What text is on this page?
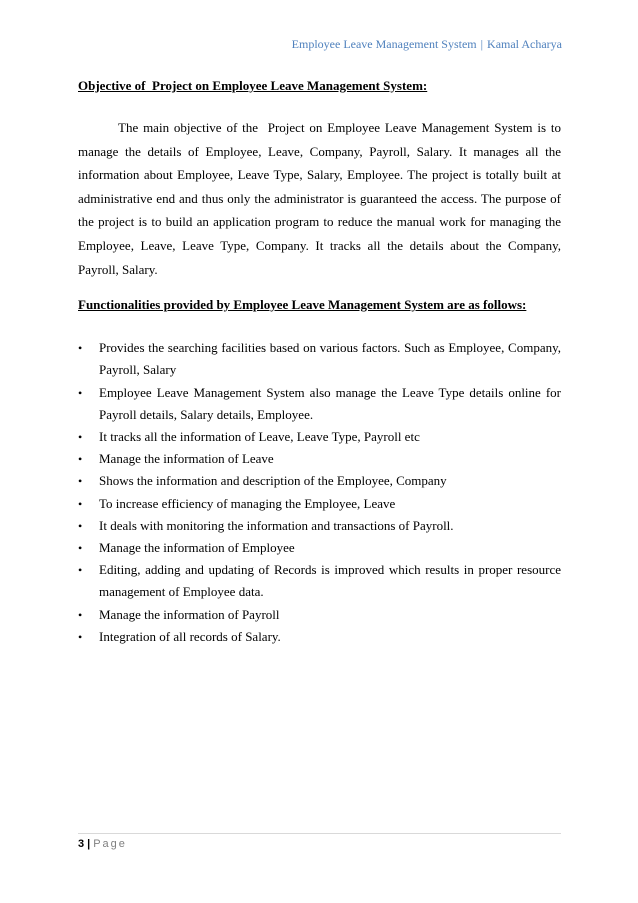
Employee Leave Management System | Kamal Acharya
Objective of  Project on Employee Leave Management System:

The main objective of the  Project on Employee Leave Management System is to manage the details of Employee, Leave, Company, Payroll, Salary. It manages all the information about Employee, Leave Type, Salary, Employee. The project is totally built at administrative end and thus only the administrator is guaranteed the access. The purpose of the project is to build an application program to reduce the manual work for managing the Employee, Leave, Leave Type, Company. It tracks all the details about the Company, Payroll, Salary.

Functionalities provided by Employee Leave Management System are as follows:
• Provides the searching facilities based on various factors. Such as Employee, Company, Payroll, Salary
• Employee Leave Management System also manage the Leave Type details online for Payroll details, Salary details, Employee.
• It tracks all the information of Leave, Leave Type, Payroll etc
• Manage the information of Leave
• Shows the information and description of the Employee, Company
• To increase efficiency of managing the Employee, Leave
• It deals with monitoring the information and transactions of Payroll.
• Manage the information of Employee
• Editing, adding and updating of Records is improved which results in proper resource management of Employee data.
• Manage the information of Payroll
• Integration of all records of Salary.
3 | Page
